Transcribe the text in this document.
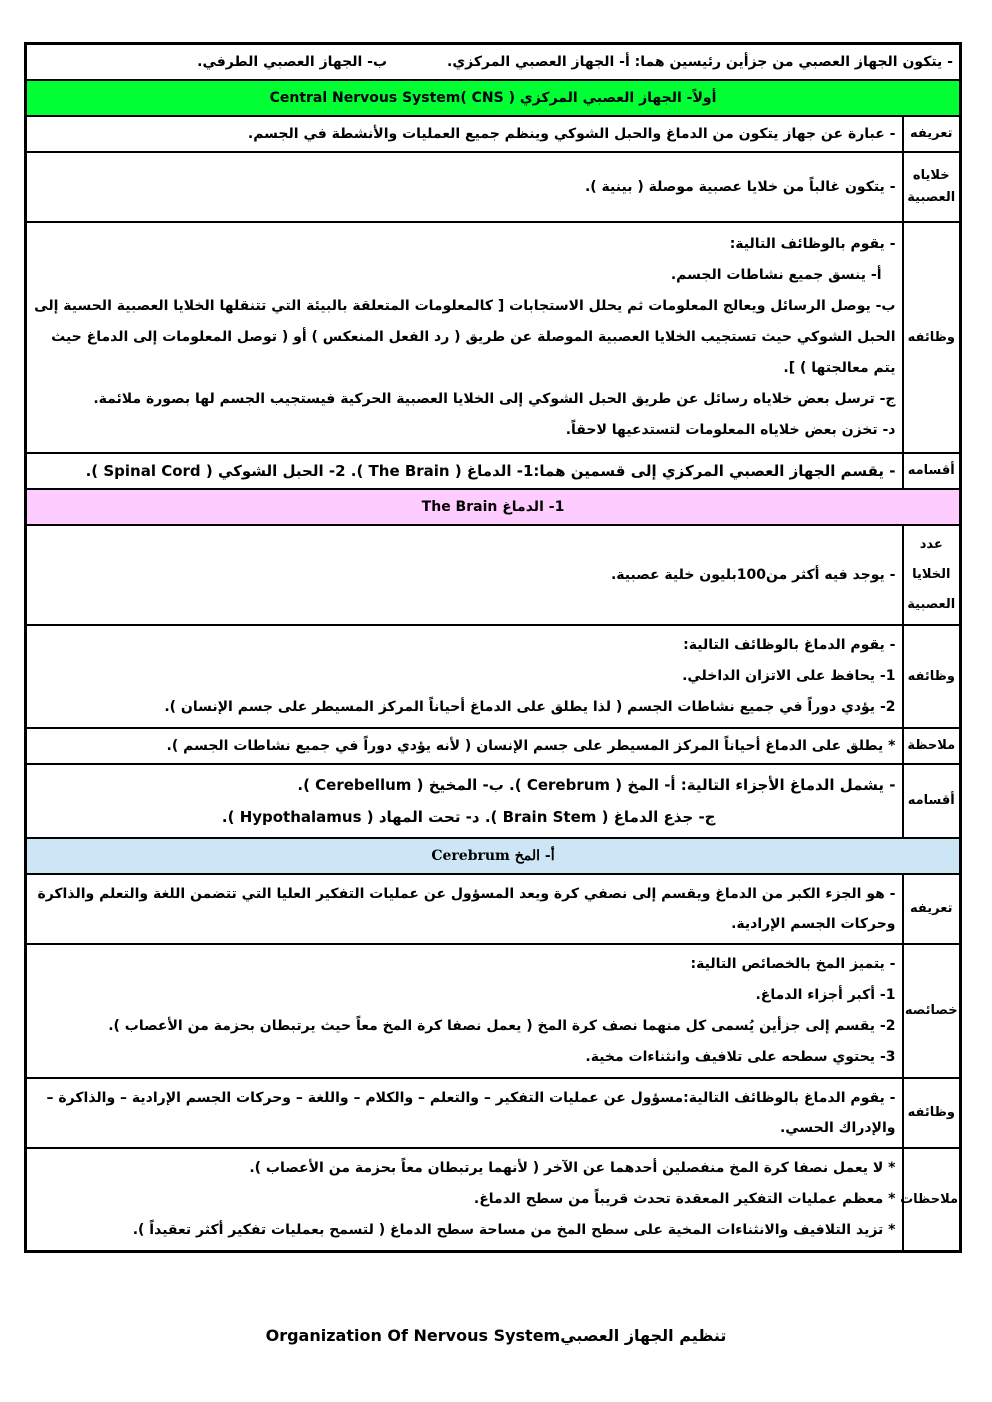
- يتكون الجهاز العصبي من جزأين رئيسين هما: أ- الجهاز العصبي المركزي.ب- الجهاز العصبي الطرفي.	
أولاً- الجهاز العصبي المركزي ( Central Nervous System( CNS	
تعريفه	- عبارة عن جهاز يتكون من الدماغ والحبل الشوكي وينظم جميع العمليات والأنشطة في الجسم.
خلاياه العصبية	- يتكون غالباً من خلايا عصبية موصلة ( بينية ).
وظائفه	- يقوم بالوظائف التالية:
أ- ينسق جميع نشاطات الجسم.
ب- يوصل الرسائل ويعالج المعلومات ثم يحلل الاستجابات [ كالمعلومات المتعلقة بالبيئة التي تتنقلها الخلايا العصبية الحسية إلى الحبل الشوكي حيث تستجيب الخلايا العصبية الموصلة عن طريق ( رد الفعل المنعكس ) أو ( توصل المعلومات إلى الدماغ حيث يتم معالجتها ) ].
ج- ترسل بعض خلاياه رسائل عن طريق الحبل الشوكي إلى الخلايا العصبية الحركية فيستجيب الجسم لها بصورة ملائمة.
د- تخزن بعض خلاياه المعلومات لتستدعيها لاحقاً.

أقسامه	- يقسم الجهاز العصبي المركزي إلى قسمين هما:1- الدماغ ( The Brain ). 2- الحبل الشوكي ( Spinal Cord ).
1- الدماغ The Brain	
عدد الخلايا العصبية	- يوجد فيه أكثر من100بليون خلية عصبية.
وظائفه	- يقوم الدماغ بالوظائف التالية:
1- يحافظ على الاتزان الداخلي.
2- يؤدي دوراً في جميع نشاطات الجسم ( لذا يطلق على الدماغ أحياناً المركز المسيطر على جسم الإنسان ).

ملاحظة	* يطلق على الدماغ أحياناً المركز المسيطر على جسم الإنسان ( لأنه يؤدي دوراً في جميع نشاطات الجسم ).
أقسامه	- يشمل الدماغ الأجزاء التالية: أ- المخ ( Cerebrum ). ب- المخيخ ( Cerebellum ).
ج- جذع الدماغ ( Brain Stem ). د- تحت المهاد ( Hypothalamus ).

أ- المخ Cerebrum	
تعريفه	- هو الجزء الكبر من الدماغ ويقسم إلى نصفي كرة ويعد المسؤول عن عمليات التفكير العليا التي تتضمن اللغة والتعلم والذاكرة وحركات الجسم الإرادية.
خصائصه	- يتميز المخ بالخصائص التالية:
1- أكبر أجزاء الدماغ.
2- يقسم إلى جزأين يُسمى كل منهما نصف كرة المخ ( يعمل نصفا كرة المخ معاً حيث يرتبطان بحزمة من الأعصاب ).
3- يحتوي سطحه على تلافيف وانثناءات مخية.

وظائفه	- يقوم الدماغ بالوظائف التالية:مسؤول عن عمليات التفكير – والتعلم – والكلام – واللغة – وحركات الجسم الإرادية – والذاكرة – والإدراك الحسي.
ملاحظات	* لا يعمل نصفا كرة المخ منفصلين أحدهما عن الآخر ( لأنهما يرتبطان معاً بحزمة من الأعصاب ).
* معظم عمليات التفكير المعقدة تحدث قريباً من سطح الدماغ.
* تزيد التلافيف والانثناءات المخية على سطح المخ من مساحة سطح الدماغ ( لتسمح بعمليات تفكير أكثر تعقيداً ).
Organization Of Nervous Systemتنظيم الجهاز العصبي
